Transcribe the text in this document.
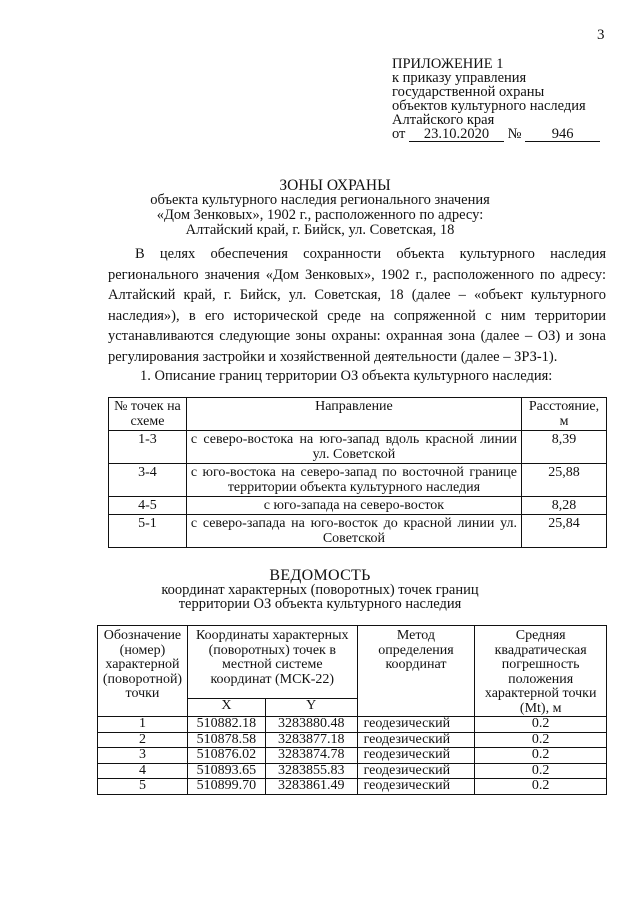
3
ПРИЛОЖЕНИЕ 1
к приказу управления
государственной охраны
объектов культурного наследия
Алтайского края
от 23.10.2020 № 946
ЗОНЫ ОХРАНЫ
объекта культурного наследия регионального значения
«Дом Зенковых», 1902 г., расположенного по адресу:
Алтайский край, г. Бийск, ул. Советская, 18

В целях обеспечения сохранности объекта культурного наследия регионального значения «Дом Зенковых», 1902 г., расположенного по адресу: Алтайский край, г. Бийск, ул. Советская, 18 (далее – «объект культурного наследия»), в его исторической среде на сопряженной с ним территории устанавливаются следующие зоны охраны: охранная зона (далее – ОЗ) и зона регулирования застройки и хозяйственной деятельности (далее – ЗРЗ-1).

1. Описание границ территории ОЗ объекта культурного наследия:
№ точек на схеме	Направление	Расстояние, м
1-3	с северо-востока на юго-запад вдоль красной линии ул. Советской	8,39
3-4	с юго-востока на северо-запад по восточной границе территории объекта культурного наследия	25,88
4-5	с юго-запада на северо-восток	8,28
5-1	с северо-запада на юго-восток до красной линии ул. Советской	25,84
ВЕДОМОСТЬ
координат характерных (поворотных) точек границ
территории ОЗ объекта культурного наследия
Обозначение (номер) характерной (поворотной) точки	Координаты характерных (поворотных) точек в местной системе координат (МСК-22)		Метод определения координат	Средняя квадратическая погрешность положения характерной точки (Mt), м
	X	Y		
1	510882.18	3283880.48	геодезический	0.2
2	510878.58	3283877.18	геодезический	0.2
3	510876.02	3283874.78	геодезический	0.2
4	510893.65	3283855.83	геодезический	0.2
5	510899.70	3283861.49	геодезический	0.2
